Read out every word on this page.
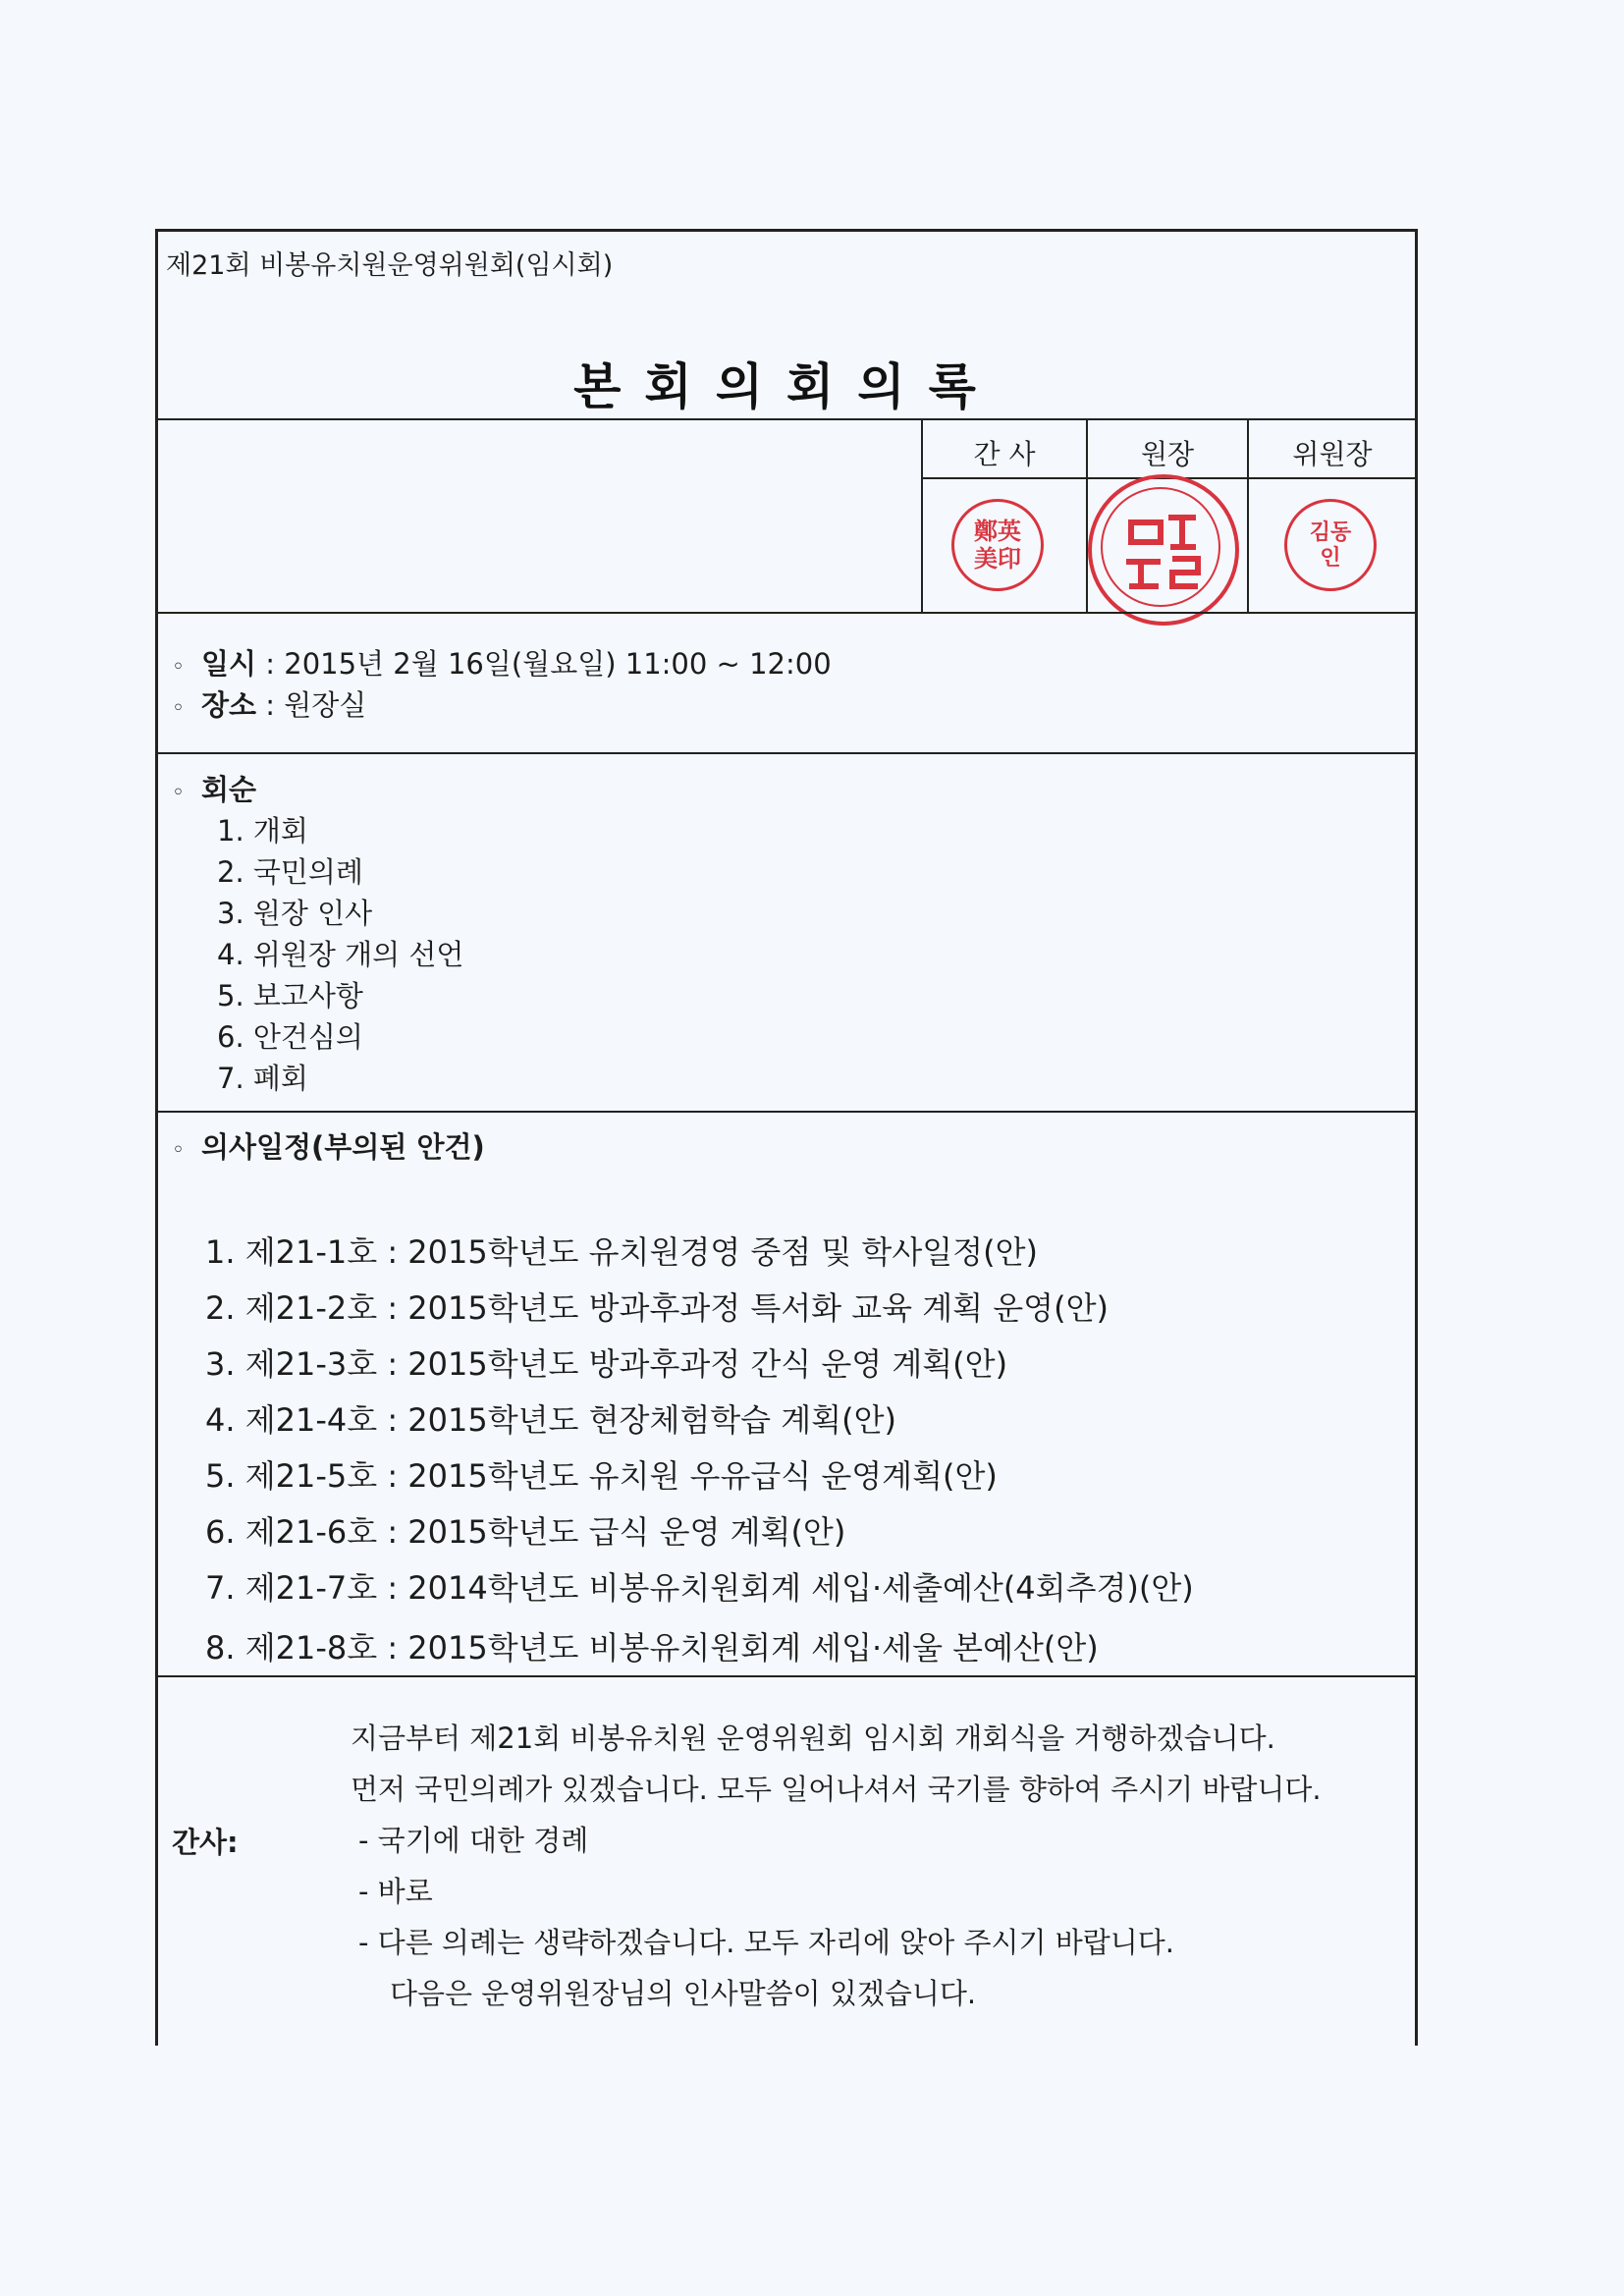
제21회 비봉유치원운영위원회(임시회)
본회의회의록
간 사	원장	위원장
鄭英美印
김동인
◦ 일시 : 2015년 2월 16일(월요일) 11:00 ~ 12:00
◦ 장소 : 원장실
◦ 회순
1. 개회
2. 국민의례
3. 원장 인사
4. 위원장 개의 선언
5. 보고사항
6. 안건심의
7. 폐회
◦ 의사일정(부의된 안건)
1. 제21-1호 : 2015학년도 유치원경영 중점 및 학사일정(안)
2. 제21-2호 : 2015학년도 방과후과정 특서화 교육 계획 운영(안)
3. 제21-3호 : 2015학년도 방과후과정 간식 운영 계획(안)
4. 제21-4호 : 2015학년도 현장체험학습 계획(안)
5. 제21-5호 : 2015학년도 유치원 우유급식 운영계획(안)
6. 제21-6호 : 2015학년도 급식 운영 계획(안)
7. 제21-7호 : 2014학년도 비봉유치원회계 세입·세출예산(4회추경)(안)
8. 제21-8호 : 2015학년도 비봉유치원회계 세입·세울 본예산(안)
간사:
지금부터 제21회 비봉유치원 운영위원회 임시회 개회식을 거행하겠습니다.
먼저 국민의례가 있겠습니다. 모두 일어나셔서 국기를 향하여 주시기 바랍니다.
- 국기에 대한 경례
- 바로
- 다른 의례는 생략하겠습니다. 모두 자리에 앉아 주시기 바랍니다.
다음은 운영위원장님의 인사말씀이 있겠습니다.
